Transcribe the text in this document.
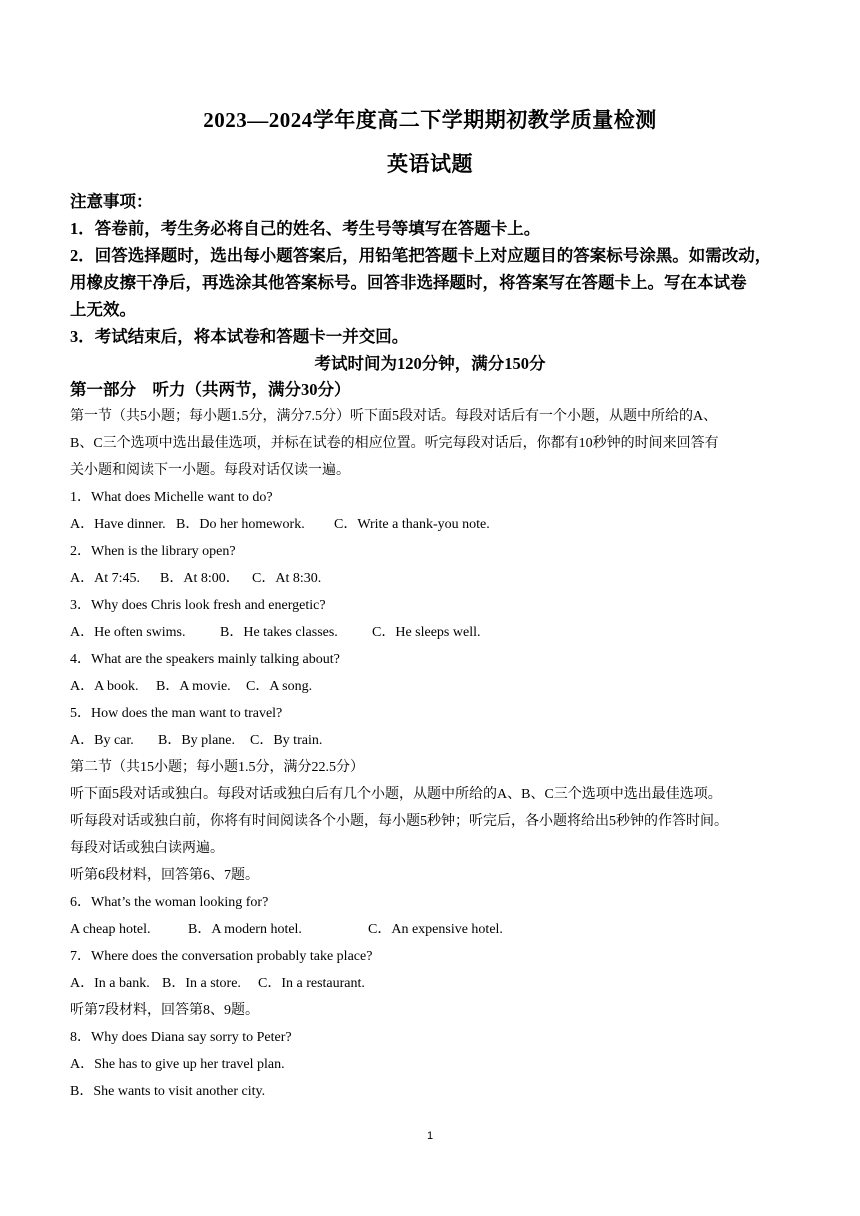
2023—2024学年度高二下学期期初教学质量检测
英语试题
注意事项：
1．答卷前，考生务必将自己的姓名、考生号等填写在答题卡上。
2．回答选择题时，选出每小题答案后，用铅笔把答题卡上对应题目的答案标号涂黑。如需改动，
用橡皮擦干净后，再选涂其他答案标号。回答非选择题时，将答案写在答题卡上。写在本试卷
上无效。
3．考试结束后，将本试卷和答题卡一并交回。
考试时间为120分钟，满分150分
第一部分　听力（共两节，满分30分）
第一节（共5小题；每小题1.5分，满分7.5分）听下面5段对话。每段对话后有一个小题，从题中所给的A、
B、C三个选项中选出最佳选项，并标在试卷的相应位置。听完每段对话后，你都有10秒钟的时间来回答有
关小题和阅读下一小题。每段对话仅读一遍。
1．What does Michelle want to do?
A．Have dinner. B．Do her homework. C．Write a thank-you note.
2．When is the library open?
A．At 7:45. B．At 8:00． C．At 8:30.
3．Why does Chris look fresh and energetic?
A．He often swims. B．He takes classes. C．He sleeps well.
4．What are the speakers mainly talking about?
A．A book. B．A movie. C．A song.
5．How does the man want to travel?
A．By car. B．By plane. C．By train.
第二节（共15小题；每小题1.5分，满分22.5分）
听下面5段对话或独白。每段对话或独白后有几个小题，从题中所给的A、B、C三个选项中选出最佳选项。
听每段对话或独白前，你将有时间阅读各个小题，每小题5秒钟；听完后，各小题将给出5秒钟的作答时间。
每段对话或独白读两遍。
听第6段材料，回答第6、7题。
6．What’s the woman looking for?
A cheap hotel.	B．A modern hotel.	C．An expensive hotel.
7．Where does the conversation probably take place?
A．In a bank. B．In a store. C．In a restaurant.
听第7段材料，回答第8、9题。
8．Why does Diana say sorry to Peter?
A．She has to give up her travel plan.
B．She wants to visit another city.
1
